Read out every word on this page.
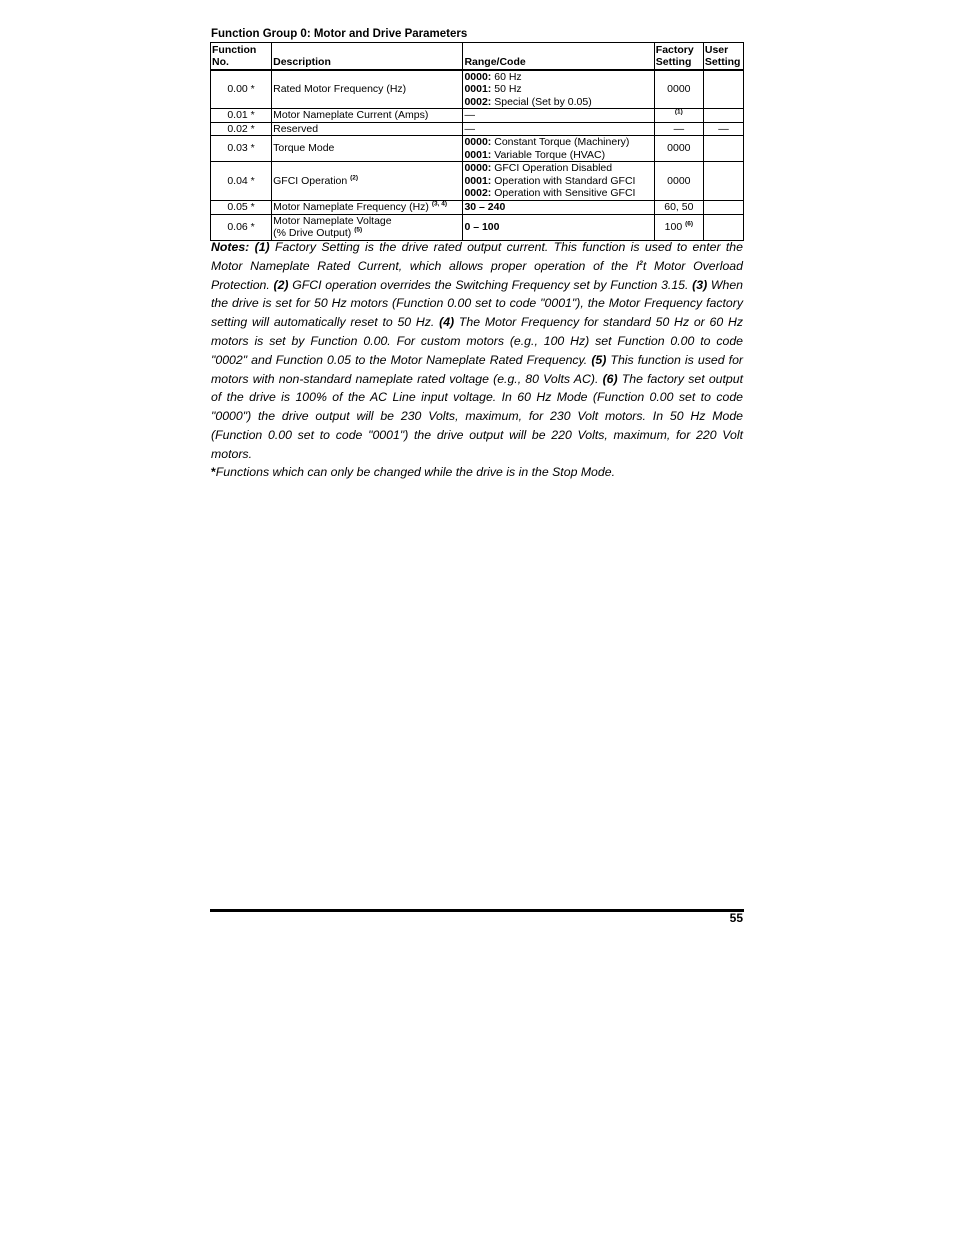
Function Group 0: Motor and Drive Parameters
Function No.	Description	Range/Code	Factory Setting	User Setting
0.00 *	Rated Motor Frequency (Hz)	0000: 60 Hz
0001: 50 Hz
0002: Special (Set by 0.05)	0000	
0.01 *	Motor Nameplate Current (Amps)	—	$^{(1)}$	
0.02 *	Reserved	—	—	—
0.03 *	Torque Mode	0000: Constant Torque (Machinery)
0001: Variable Torque (HVAC)	0000	
0.04 *	GFCI Operation $^{(2)}$	0000: GFCI Operation Disabled
0001: Operation with Standard GFCI
0002: Operation with Sensitive GFCI	0000	
0.05 *	Motor Nameplate Frequency (Hz) $^{(3, 4)}$	30 – 240	60, 50	
0.06 *	Motor Nameplate Voltage
(% Drive Output) $^{(5)}$	0 – 100	100 $^{(6)}$	
Notes: (1) Factory Setting is the drive rated output current. This function is used to enter the Motor Nameplate Rated Current, which allows proper operation of the $I^2t$ Motor Overload Protection. (2) GFCI operation overrides the Switching Frequency set by Function 3.15. (3) When the drive is set for 50 Hz motors (Function 0.00 set to code "0001"), the Motor Frequency factory setting will automatically reset to 50 Hz. (4) The Motor Frequency for standard 50 Hz or 60 Hz motors is set by Function 0.00. For custom motors (e.g., 100 Hz) set Function 0.00 to code "0002" and Function 0.05 to the Motor Nameplate Rated Frequency. (5) This function is used for motors with non-standard nameplate rated voltage (e.g., 80 Volts AC). (6) The factory set output of the drive is 100% of the AC Line input voltage. In 60 Hz Mode (Function 0.00 set to code "0000") the drive output will be 230 Volts, maximum, for 230 Volt motors. In 50 Hz Mode (Function 0.00 set to code "0001") the drive output will be 220 Volts, maximum, for 220 Volt motors.
*Functions which can only be changed while the drive is in the Stop Mode.
55
